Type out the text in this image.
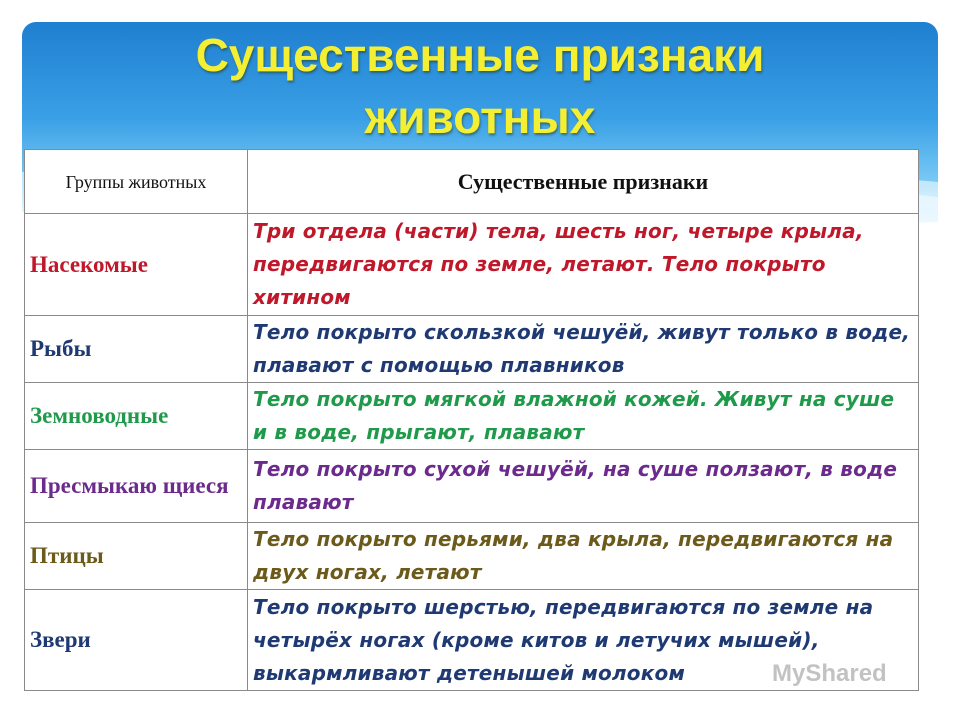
Существенные признаки
животных
Группы животных	Существенные признаки
Насекомые	Три отдела (части) тела, шесть ног, четыре крыла, передвигаются по земле, летают. Тело покрыто хитином
Рыбы	Тело покрыто скользкой чешуёй, живут только в воде, плавают с помощью плавников
Земноводные	Тело покрыто мягкой влажной кожей. Живут на суше и в воде, прыгают, плавают
Пресмыкаю щиеся	Тело покрыто сухой чешуёй, на суше ползают, в воде плавают
Птицы	Тело покрыто перьями, два крыла, передвигаются на двух ногах, летают
Звери	Тело покрыто шерстью, передвигаются по земле на четырёх ногах (кроме китов и летучих мышей), выкармливают детенышей молоком	MyShared
